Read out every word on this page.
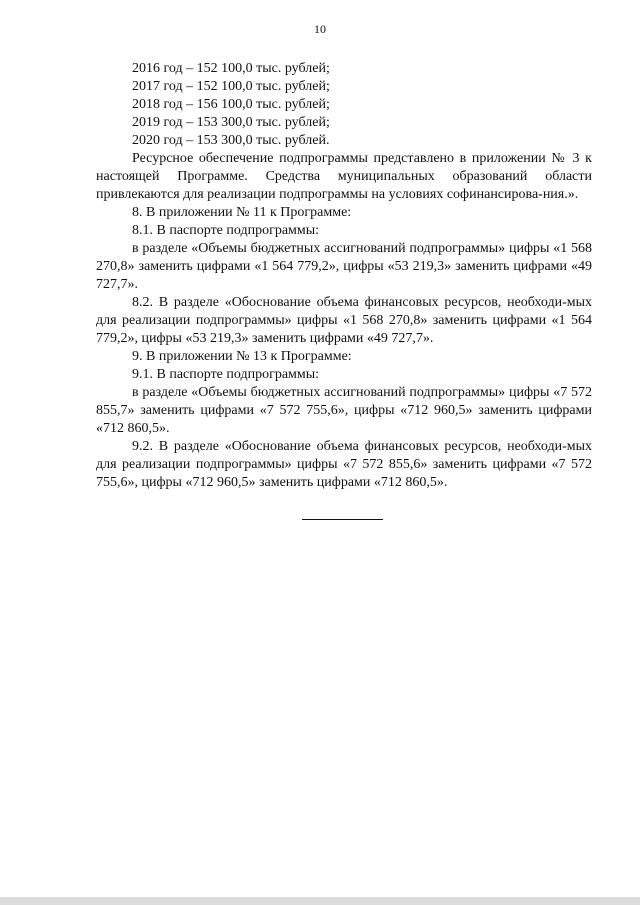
10
2016 год – 152 100,0 тыс. рублей;
2017 год – 152 100,0 тыс. рублей;
2018 год – 156 100,0 тыс. рублей;
2019 год – 153 300,0 тыс. рублей;
2020 год – 153 300,0 тыс. рублей.

Ресурсное обеспечение подпрограммы представлено в приложении № 3 к настоящей Программе. Средства муниципальных образований области привлекаются для реализации подпрограммы на условиях софинансирова-ния.».

8. В приложении № 11 к Программе:
8.1. В паспорте подпрограммы:

в разделе «Объемы бюджетных ассигнований подпрограммы» цифры «1 568 270,8» заменить цифрами «1 564 779,2», цифры «53 219,3» заменить цифрами «49 727,7».

8.2. В разделе «Обоснование объема финансовых ресурсов, необходи-мых для реализации подпрограммы» цифры «1 568 270,8» заменить цифрами «1 564 779,2», цифры «53 219,3» заменить цифрами «49 727,7».

9. В приложении № 13 к Программе:
9.1. В паспорте подпрограммы:

в разделе «Объемы бюджетных ассигнований подпрограммы» цифры «7 572 855,7» заменить цифрами «7 572 755,6», цифры «712 960,5» заменить цифрами «712 860,5».

9.2. В разделе «Обоснование объема финансовых ресурсов, необходи-мых для реализации подпрограммы» цифры «7 572 855,6» заменить цифрами «7 572 755,6», цифры «712 960,5» заменить цифрами «712 860,5».
